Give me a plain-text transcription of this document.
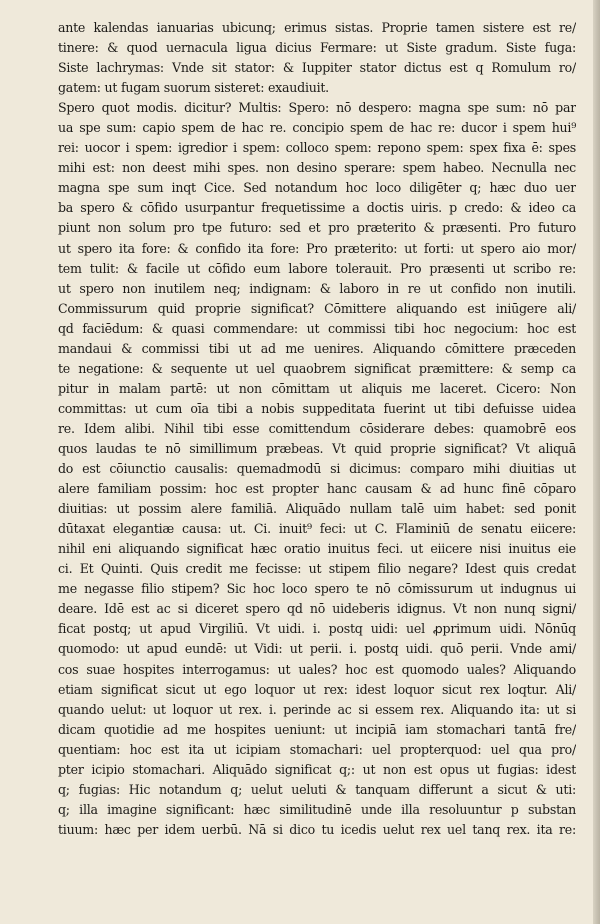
ante kalendas ianuarias ubicunq; erimus sistas. Proprie tamen sistere est re/
tinere: & quod uernacula ligua dicius Fermare: ut Siste gradum. Siste fuga:
Siste lachrymas: Vnde sit stator: & Iuppiter stator dictus est q Romulum ro/
gatem: ut fugam suorum sisteret: exaudiuit.
Spero quot modis. dicitur? Multis: Spero: nō despero: magna spe sum: nō par
ua spe sum: capio spem de hac re. concipio spem de hac re: ducor i spem hui⁹
rei: uocor i spem: igredior i spem: colloco spem: repono spem: spex fixa ē: spes
mihi est: non deest mihi spes. non desino sperare: spem habeo. Necnulla nec
magna spe sum inqt Cice. Sed notandum hoc loco diligēter q; hæc duo uer
ba spero & cōfido usurpantur frequetissime a doctis uiris. p credo: & ideo ca
piunt non solum pro tpe futuro: sed et pro præterito & præsenti. Pro futuro
ut spero ita fore: & confido ita fore: Pro præterito: ut forti: ut spero aio mor/
tem tulit: & facile ut cōfido eum labore tolerauit. Pro præsenti ut scribo re:
ut spero non inutilem neq; indignam: & laboro in re ut confido non inutili.
Commissurum quid proprie significat? Cōmittere aliquando est iniūgere ali/
qd faciēdum: & quasi commendare: ut commissi tibi hoc negocium: hoc est
mandaui & commissi tibi ut ad me uenires. Aliquando cōmittere præceden
te negatione: & sequente ut uel quaobrem significat præmittere: & semp ca
pitur in malam partē: ut non cōmittam ut aliquis me laceret. Cicero: Non
committas: ut cum oīa tibi a nobis suppeditata fuerint ut tibi defuisse uidea
re. Idem alibi. Nihil tibi esse comittendum cōsiderare debes: quamobrē eos
quos laudas te nō simillimum præbeas. Vt quid proprie significat? Vt aliquā
do est cōiunctio causalis: quemadmodū si dicimus: comparo mihi diuitias ut
alere familiam possim: hoc est propter hanc causam & ad hunc finē cōparo
diuitias: ut possim alere familiā. Aliquādo nullam talē uim habet: sed ponit
dūtaxat elegantiæ causa: ut. Ci. inuit⁹ feci: ut C. Flaminiū de senatu eiicere:
nihil eni aliquando significat hæc oratio inuitus feci. ut eiicere nisi inuitus eie
ci. Et Quinti. Quis credit me fecisse: ut stipem filio negare? Idest quis credat
me negasse filio stipem? Sic hoc loco spero te nō cōmissurum ut indugnus ui
deare. Idē est ac si diceret spero qd nō uideberis idignus. Vt non nunq signi/
ficat postq; ut apud Virgiliū. Vt uidi. i. postq uidi: uel ꝓprimum uidi. Nōnūq
quomodo: ut apud eundē: ut Vidi: ut perii. i. postq uidi. quō perii. Vnde ami/
cos suae hospites interrogamus: ut uales? hoc est quomodo uales? Aliquando
etiam significat sicut ut ego loquor ut rex: idest loquor sicut rex loqtur. Ali/
quando uelut: ut loquor ut rex. i. perinde ac si essem rex. Aliquando ita: ut si
dicam quotidie ad me hospites ueniunt: ut incipiā iam stomachari tantā fre/
quentiam: hoc est ita ut icipiam stomachari: uel propterquod: uel qua pro/
pter icipio stomachari. Aliquādo significat q;: ut non est opus ut fugias: idest
q; fugias: Hic notandum q; uelut ueluti & tanquam differunt a sicut & uti:
q; illa imagine significant: hæc similitudinē unde illa resoluuntur p substan
tiuum: hæc per idem uerbū. Nā si dico tu icedis uelut rex uel tanq rex. ita re:
